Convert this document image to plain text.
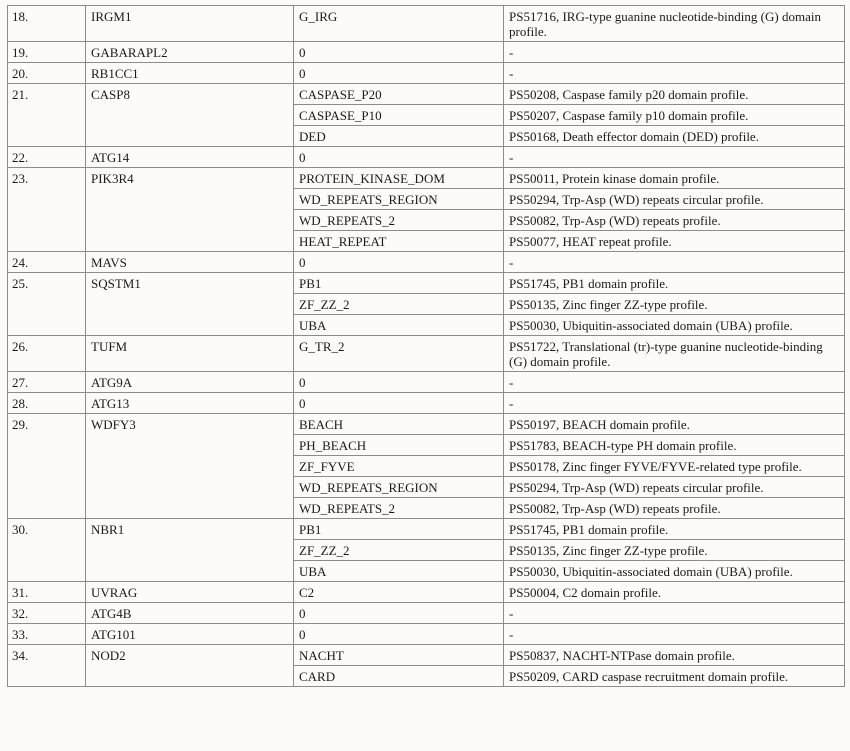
18.	IRGM1	G_IRG	PS51716, IRG-type guanine nucleotide-binding (G) domain profile.
19.	GABARAPL2	0	-
20.	RB1CC1	0	-
21.	CASP8	CASPASE_P20	PS50208, Caspase family p20 domain profile.
		CASPASE_P10	PS50207, Caspase family p10 domain profile.
		DED	PS50168, Death effector domain (DED) profile.
22.	ATG14	0	-
23.	PIK3R4	PROTEIN_KINASE_DOM	PS50011, Protein kinase domain profile.
		WD_REPEATS_REGION	PS50294, Trp-Asp (WD) repeats circular profile.
		WD_REPEATS_2	PS50082, Trp-Asp (WD) repeats profile.
		HEAT_REPEAT	PS50077, HEAT repeat profile.
24.	MAVS	0	-
25.	SQSTM1	PB1	PS51745, PB1 domain profile.
		ZF_ZZ_2	PS50135, Zinc finger ZZ-type profile.
		UBA	PS50030, Ubiquitin-associated domain (UBA) profile.
26.	TUFM	G_TR_2	PS51722, Translational (tr)-type guanine nucleotide-binding (G) domain profile.
27.	ATG9A	0	-
28.	ATG13	0	-
29.	WDFY3	BEACH	PS50197, BEACH domain profile.
		PH_BEACH	PS51783, BEACH-type PH domain profile.
		ZF_FYVE	PS50178, Zinc finger FYVE/FYVE-related type profile.
		WD_REPEATS_REGION	PS50294, Trp-Asp (WD) repeats circular profile.
		WD_REPEATS_2	PS50082, Trp-Asp (WD) repeats profile.
30.	NBR1	PB1	PS51745, PB1 domain profile.
		ZF_ZZ_2	PS50135, Zinc finger ZZ-type profile.
		UBA	PS50030, Ubiquitin-associated domain (UBA) profile.
31.	UVRAG	C2	PS50004, C2 domain profile.
32.	ATG4B	0	-
33.	ATG101	0	-
34.	NOD2	NACHT	PS50837, NACHT-NTPase domain profile.
		CARD	PS50209, CARD caspase recruitment domain profile.
